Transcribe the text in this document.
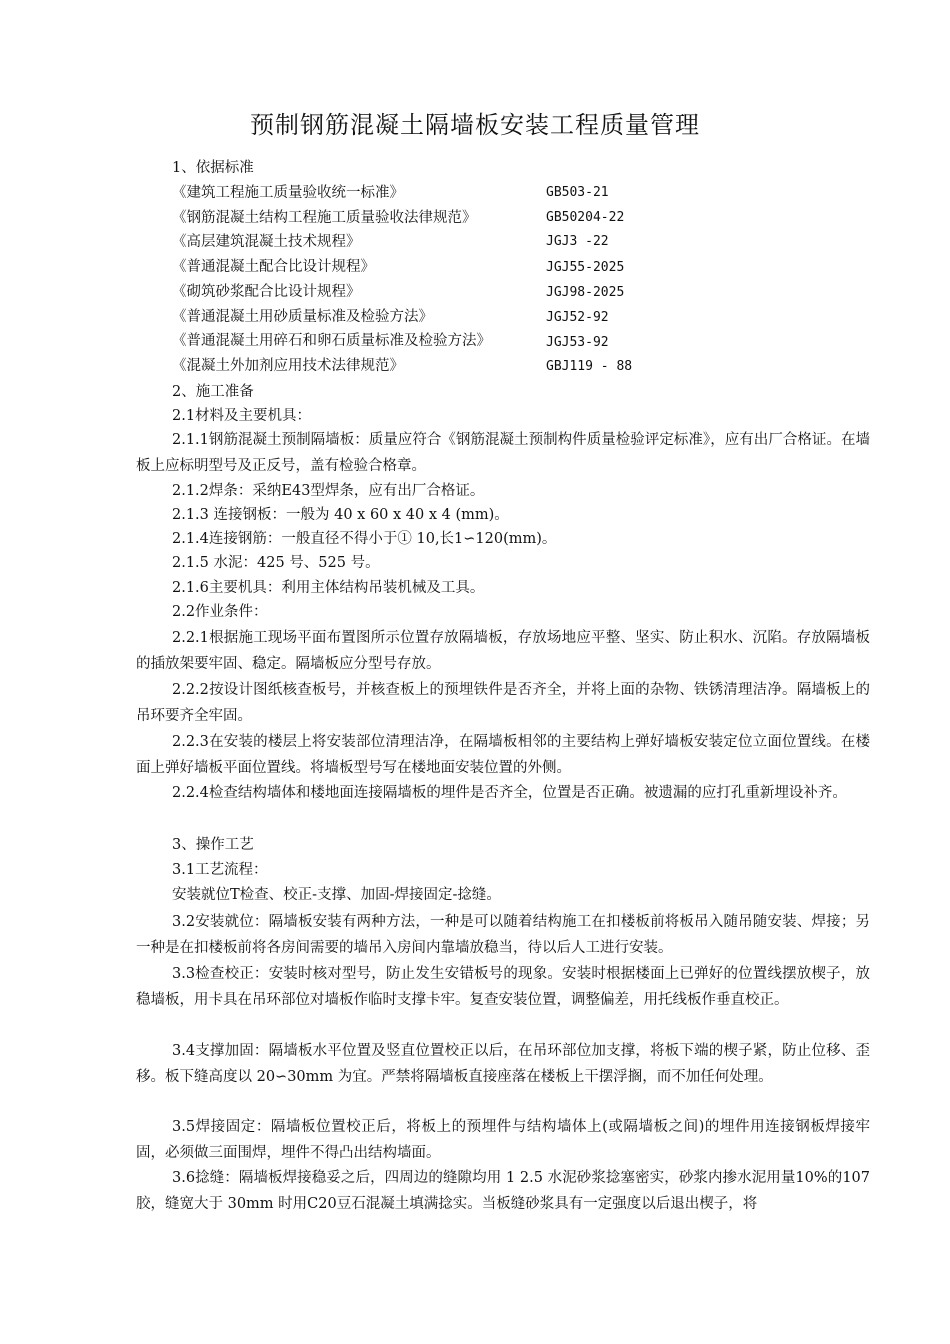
预制钢筋混凝土隔墙板安装工程质量管理
1、依据标准
《建筑工程施工质量验收统一标准》	GB503-21
《钢筋混凝土结构工程施工质量验收法律规范》	GB50204-22
《高层建筑混凝土技术规程》	JGJ3 -22
《普通混凝土配合比设计规程》	JGJ55-2025
《砌筑砂浆配合比设计规程》	JGJ98-2025
《普通混凝土用砂质量标准及检验方法》	JGJ52-92
《普通混凝土用碎石和卵石质量标准及检验方法》	JGJ53-92
《混凝土外加剂应用技术法律规范》	GBJ119 - 88
2、施工准备
2.1材料及主要机具：
2.1.1钢筋混凝土预制隔墙板：质量应符合《钢筋混凝土预制构件质量检验评定标准》，应有出厂合格证。在墙板上应标明型号及正反号，盖有检验合格章。
2.1.2焊条：采纳E43型焊条，应有出厂合格证。
2.1.3 连接钢板：一般为 40 x 60 x 40 x 4 (mm)。
2.1.4连接钢筋：一般直径不得小于① 10,长1∽120(mm)。
2.1.5 水泥：425 号、525 号。
2.1.6主要机具：利用主体结构吊装机械及工具。
2.2作业条件：
2.2.1根据施工现场平面布置图所示位置存放隔墙板，存放场地应平整、坚实、防止积水、沉陷。存放隔墙板的插放架要牢固、稳定。隔墙板应分型号存放。
2.2.2按设计图纸核查板号，并核查板上的预埋铁件是否齐全，并将上面的杂物、铁锈清理洁净。隔墙板上的吊环要齐全牢固。
2.2.3在安装的楼层上将安装部位清理洁净，在隔墙板相邻的主要结构上弹好墙板安装定位立面位置线。在楼面上弹好墙板平面位置线。将墙板型号写在楼地面安装位置的外侧。
2.2.4检查结构墙体和楼地面连接隔墙板的埋件是否齐全，位置是否正确。被遗漏的应打孔重新埋设补齐。
3、操作工艺
3.1工艺流程：
安装就位T检查、校正-支撑、加固-焊接固定-捻缝。
3.2安装就位：隔墙板安装有两种方法，一种是可以随着结构施工在扣楼板前将板吊入随吊随安装、焊接；另一种是在扣楼板前将各房间需要的墙吊入房间内靠墙放稳当，待以后人工进行安装。
3.3检查校正：安装时核对型号，防止发生安错板号的现象。安装时根据楼面上已弹好的位置线摆放楔子，放稳墙板，用卡具在吊环部位对墙板作临时支撑卡牢。复查安装位置，调整偏差，用托线板作垂直校正。
3.4支撑加固：隔墙板水平位置及竖直位置校正以后，在吊环部位加支撑，将板下端的楔子紧，防止位移、歪移。板下缝高度以 20∽30mm 为宜。严禁将隔墙板直接座落在楼板上干摆浮搁，而不加任何处理。
3.5焊接固定：隔墙板位置校正后，将板上的预埋件与结构墙体上(或隔墙板之间)的埋件用连接钢板焊接牢固，必须做三面围焊，埋件不得凸出结构墙面。
3.6捻缝：隔墙板焊接稳妥之后，四周边的缝隙均用 1 2.5 水泥砂浆捻塞密实，砂浆内掺水泥用量10%的107胶，缝宽大于 30mm 时用C20豆石混凝土填满捻实。当板缝砂浆具有一定强度以后退出楔子，将
